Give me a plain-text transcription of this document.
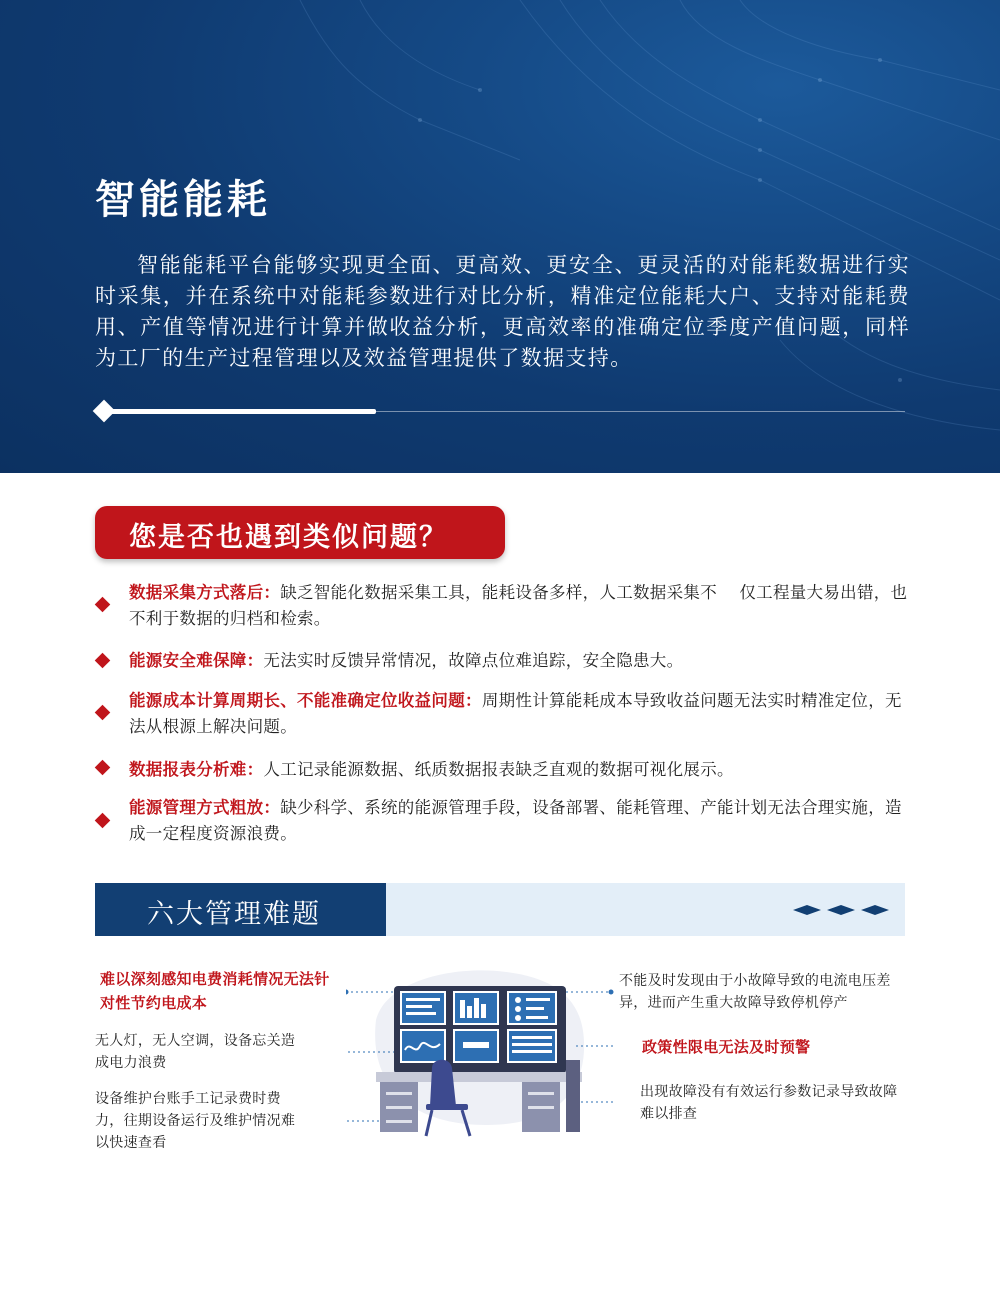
智能能耗

智能能耗平台能够实现更全面、更高效、更安全、更灵活的对能耗数据进行实时采集，并在系统中对能耗参数进行对比分析，精准定位能耗大户、支持对能耗费用、产值等情况进行计算并做收益分析，更高效率的准确定位季度产值问题，同样为工厂的生产过程管理以及效益管理提供了数据支持。

您是否也遇到类似问题？

数据采集方式落后：缺乏智能化数据采集工具，能耗设备多样，人工数据采集不　 仅工程量大易出错，也不利于数据的归档和检索。

能源安全难保障：无法实时反馈异常情况，故障点位难追踪，安全隐患大。

能源成本计算周期长、不能准确定位收益问题：周期性计算能耗成本导致收益问题无法实时精准定位，无法从根源上解决问题。

数据报表分析难：人工记录能源数据、纸质数据报表缺乏直观的数据可视化展示。

能源管理方式粗放：缺少科学、系统的能源管理手段，设备部署、能耗管理、产能计划无法合理实施，造成一定程度资源浪费。

六大管理难题
难以深刻感知电费消耗情况无法针对性节约电成本
无人灯，无人空调，设备忘关造成电力浪费
设备维护台账手工记录费时费力，往期设备运行及维护情况难以快速查看
不能及时发现由于小故障导致的电流电压差异，进而产生重大故障导致停机停产
政策性限电无法及时预警
出现故障没有有效运行参数记录导致故障难以排查
